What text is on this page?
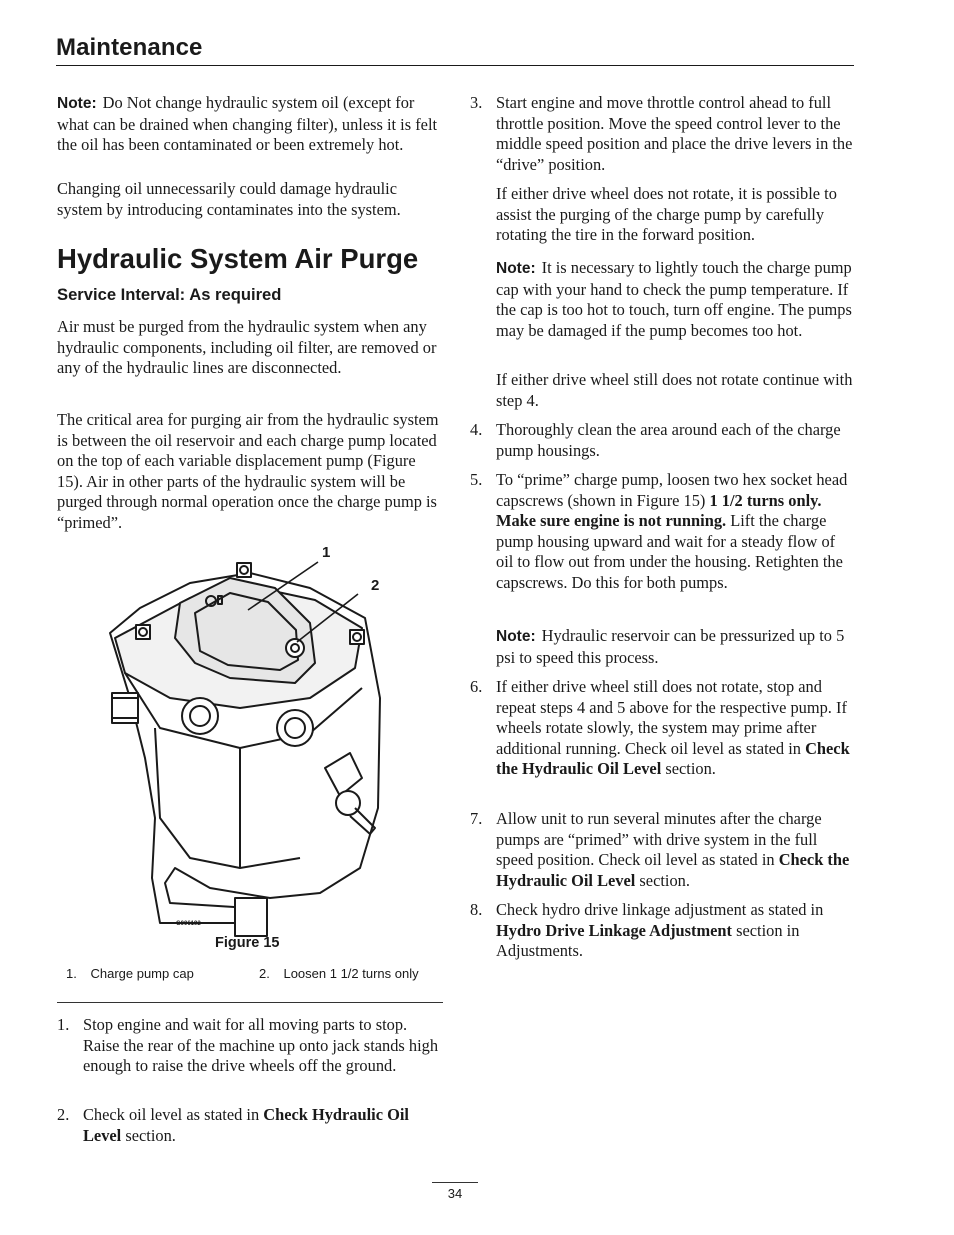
Maintenance

Note: Do Not change hydraulic system oil (except for what can be drained when changing filter), unless it is felt the oil has been contaminated or been extremely hot.

Changing oil unnecessarily could damage hydraulic system by introducing contaminates into the system.

Hydraulic System Air Purge
Service Interval: As required

Air must be purged from the hydraulic system when any hydraulic components, including oil filter, are removed or any of the hydraulic lines are disconnected.

The critical area for purging air from the hydraulic system is between the oil reservoir and each charge pump located on the top of each variable displacement pump (Figure 15). Air in other parts of the hydraulic system will be purged through normal operation once the charge pump is “primed”.

1
2
G006192
Figure 15
1. Charge pump cap	2. Loosen 1 1/2 turns only
1. Stop engine and wait for all moving parts to stop. Raise the rear of the machine up onto jack stands high enough to raise the drive wheels off the ground.
2. Check oil level as stated in Check Hydraulic Oil Level section.
3. Start engine and move throttle control ahead to full throttle position. Move the speed control lever to the middle speed position and place the drive levers in the “drive” position.

If either drive wheel does not rotate, it is possible to assist the purging of the charge pump by carefully rotating the tire in the forward position.

Note: It is necessary to lightly touch the charge pump cap with your hand to check the pump temperature. If the cap is too hot to touch, turn off engine. The pumps may be damaged if the pump becomes too hot.

If either drive wheel still does not rotate continue with step 4.

4. Thoroughly clean the area around each of the charge pump housings.
5. To “prime” charge pump, loosen two hex socket head capscrews (shown in Figure 15) 1 1/2 turns only. Make sure engine is not running. Lift the charge pump housing upward and wait for a steady flow of oil to flow out from under the housing. Retighten the capscrews. Do this for both pumps.

Note: Hydraulic reservoir can be pressurized up to 5 psi to speed this process.

6. If either drive wheel still does not rotate, stop and repeat steps 4 and 5 above for the respective pump. If wheels rotate slowly, the system may prime after additional running. Check oil level as stated in Check the Hydraulic Oil Level section.
7. Allow unit to run several minutes after the charge pumps are “primed” with drive system in the full speed position. Check oil level as stated in Check the Hydraulic Oil Level section.
8. Check hydro drive linkage adjustment as stated in Hydro Drive Linkage Adjustment section in Adjustments.
34
